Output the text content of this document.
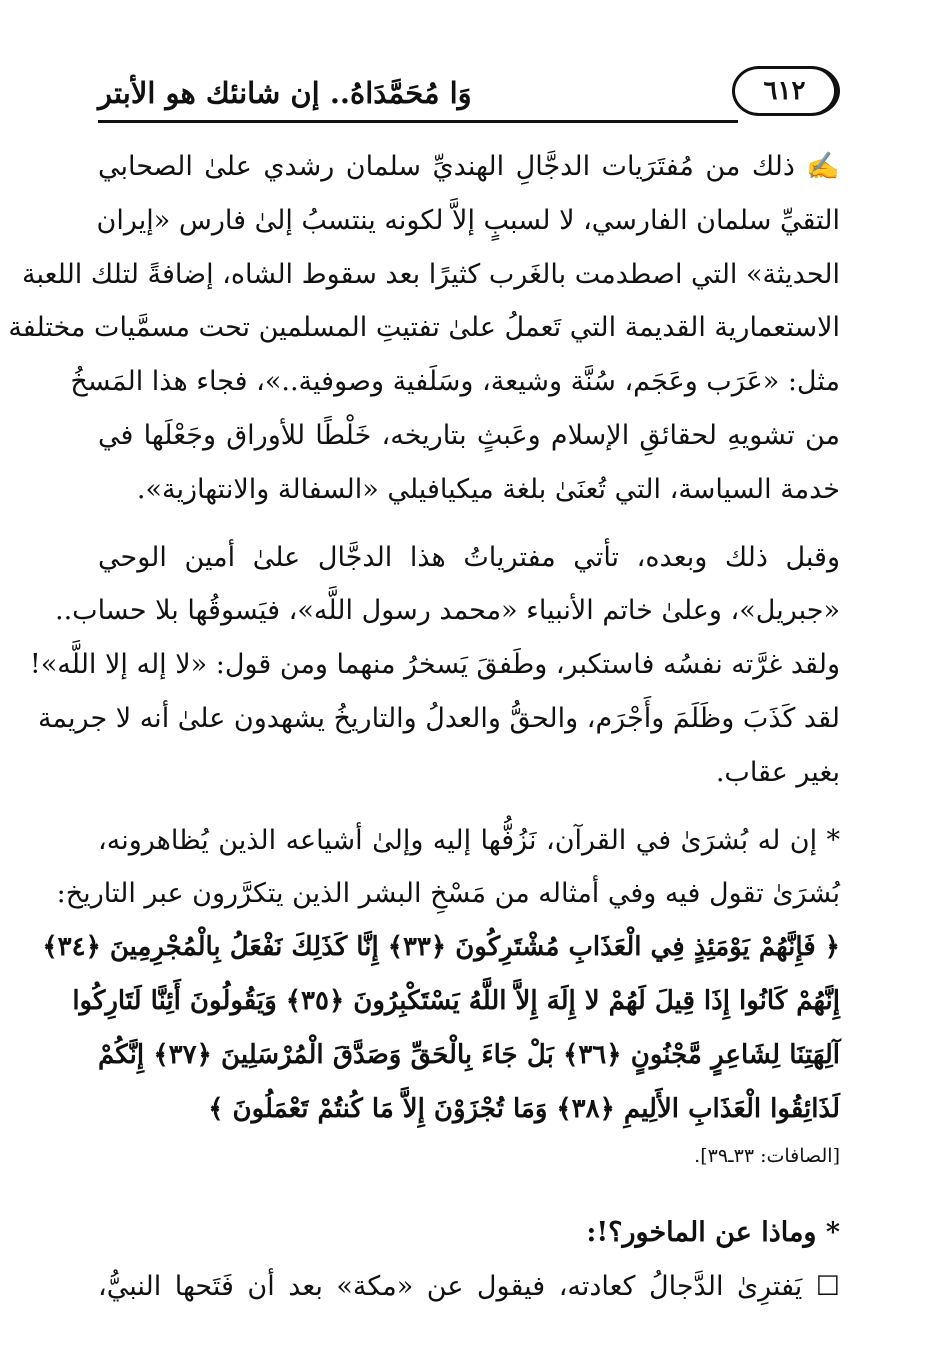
وَا مُحَمَّدَاهُ.. إن شانئك هو الأبتر	٦١٢
✍ ذلك من مُفتَرَيات الدجَّالِ الهنديِّ سلمان رشدي علىٰ الصحابي
التقيِّ سلمان الفارسي، لا لسببٍ إلاَّ لكونه ينتسبُ إلىٰ فارس «إيران
الحديثة» التي اصطدمت بالغَرب كثيرًا بعد سقوط الشاه، إضافةً لتلك اللعبة
الاستعمارية القديمة التي تَعملُ علىٰ تفتيتِ المسلمين تحت مسمَّيات مختلفة
مثل: «عَرَب وعَجَم، سُنَّة وشيعة، وسَلَفية وصوفية..»، فجاء هذا المَسخُ
من تشويهِ لحقائقِ الإسلام وعَبثٍ بتاريخه، خَلْطًا للأوراق وجَعْلَها في
خدمة السياسة، التي تُعنَىٰ بلغة ميكيافيلي «السفالة والانتهازية».
وقبل ذلك وبعده، تأتي مفترياتُ هذا الدجَّال علىٰ أمين الوحي
«جبريل»، وعلىٰ خاتم الأنبياء «محمد رسول اللَّه»، فيَسوقُها بلا حساب..
ولقد غرَّته نفسُه فاستكبر، وطَفقَ يَسخرُ منهما ومن قول: «لا إله إلا اللَّه»!
لقد كَذَبَ وظَلَمَ وأَجْرَم، والحقُّ والعدلُ والتاريخُ يشهدون علىٰ أنه لا جريمة
بغير عقاب.
* إن له بُشرَىٰ في القرآن، نَزُفُّها إليه وإلىٰ أشياعه الذين يُظاهرونه،
بُشرَىٰ تقول فيه وفي أمثاله من مَسْخِ البشر الذين يتكرَّرون عبر التاريخ:
﴿ فَإِنَّهُمْ يَوْمَئِذٍ فِي الْعَذَابِ مُشْتَرِكُونَ ﴿٣٣﴾ إِنَّا كَذَلِكَ نَفْعَلُ بِالْمُجْرِمِينَ ﴿٣٤﴾
إِنَّهُمْ كَانُوا إِذَا قِيلَ لَهُمْ لا إِلَهَ إِلاَّ اللَّهُ يَسْتَكْبِرُونَ ﴿٣٥﴾ وَيَقُولُونَ أَئِنَّا لَتَارِكُوا
آلِهَتِنَا لِشَاعِرٍ مَّجْنُونٍ ﴿٣٦﴾ بَلْ جَاءَ بِالْحَقِّ وَصَدَّقَ الْمُرْسَلِينَ ﴿٣٧﴾ إِنَّكُمْ
لَذَائِقُوا الْعَذَابِ الأَلِيمِ ﴿٣٨﴾ وَمَا تُجْزَوْنَ إِلاَّ مَا كُنتُمْ تَعْمَلُونَ ﴾
[الصافات: ٣٣ـ٣٩].
* وماذا عن الماخور؟!:
☐ يَفترِىٰ الدَّجالُ كعادته، فيقول عن «مكة» بعد أن فَتَحها النبيُّ،
